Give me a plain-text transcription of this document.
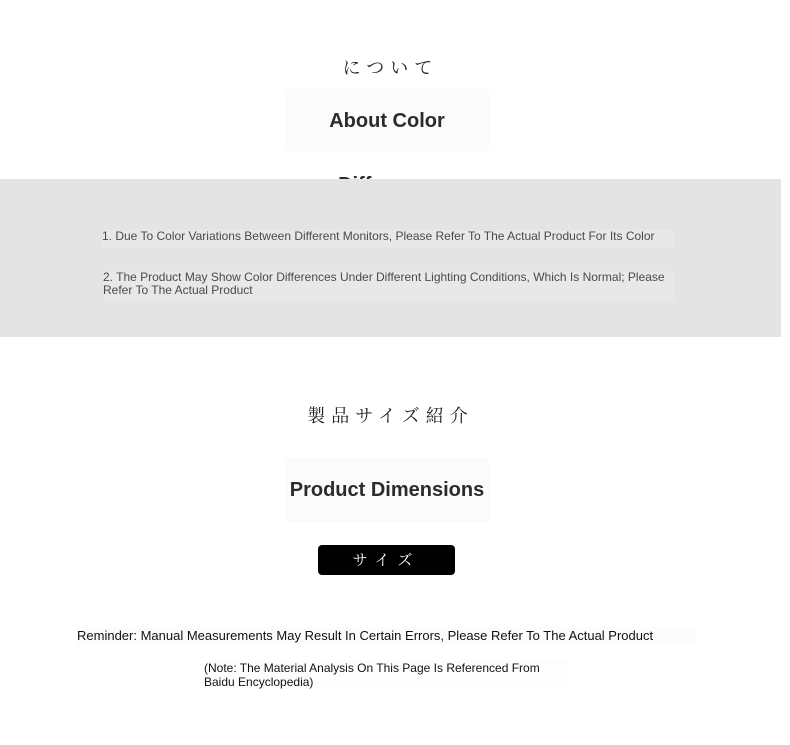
について
About Color
1. Due To Color Variations Between Different Monitors, Please Refer To The Actual Product For Its Color
2. The Product May Show Color Differences Under Different Lighting Conditions, Which Is Normal; Please Refer To The Actual Product
製品サイズ紹介
Product Dimensions
サイズ
Reminder: Manual Measurements May Result In Certain Errors, Please Refer To The Actual Product
(Note: The Material Analysis On This Page Is Referenced From Baidu Encyclopedia)
